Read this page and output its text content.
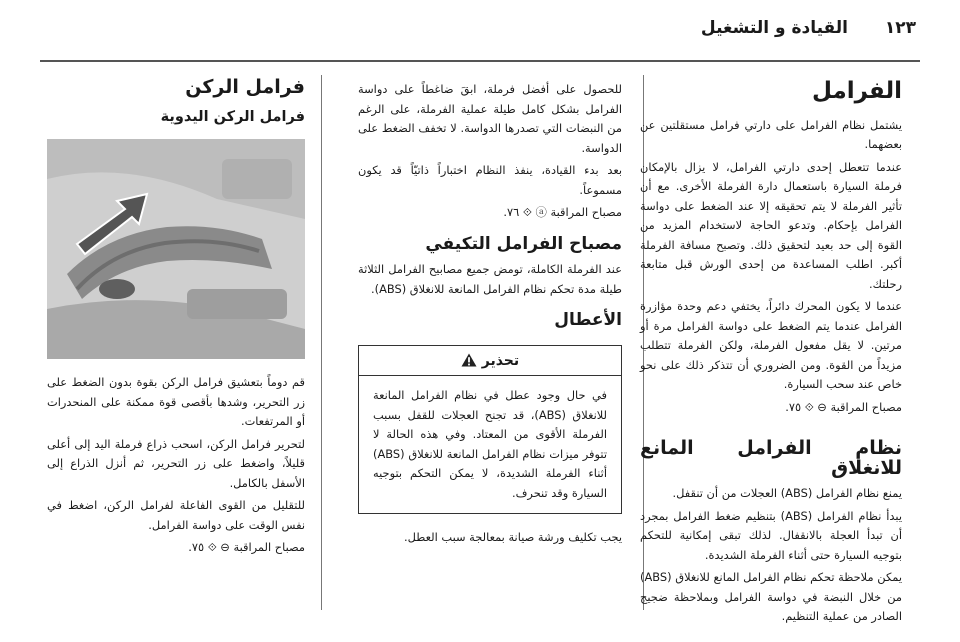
١٢٣
القيادة و التشغيل
الفرامل

يشتمل نظام الفرامل على دارتي فرامل مستقلتين عن بعضهما.

عندما تتعطل إحدى دارتي الفرامل، لا يزال بالإمكان فرملة السيارة باستعمال دارة الفرملة الأخرى. مع أن تأثير الفرملة لا يتم تحقيقه إلا عند الضغط على دواسة الفرامل بإحكام. وتدعو الحاجة لاستخدام المزيد من القوة إلى حد بعيد لتحقيق ذلك. وتصبح مسافة الفرملة أكبر. اطلب المساعدة من إحدى الورش قبل متابعة رحلتك.

عندما لا يكون المحرك دائراً، يختفي دعم وحدة مؤازرة الفرامل عندما يتم الضغط على دواسة الفرامل مرة أو مرتين. لا يقل مفعول الفرملة، ولكن الفرملة تتطلب مزيداً من القوة. ومن الضروري أن تتذكر ذلك على نحو خاص عند سحب السيارة.

مصباح المراقبة ⊖ ⟐ ٧٥.

نظام الفرامل المانع للانغلاق

يمنع نظام الفرامل (ABS) العجلات من أن تنقفل.

يبدأ نظام الفرامل (ABS) بتنظيم ضغط الفرامل بمجرد أن تبدأ العجلة بالانقفال. لذلك تبقى إمكانية للتحكم بتوجيه السيارة حتى أثناء الفرملة الشديدة.

يمكن ملاحظة تحكم نظام الفرامل المانع للانغلاق (ABS) من خلال النبضة في دواسة الفرامل وبملاحظة ضجيج الصادر من عملية التنظيم.

للحصول على أفضل فرملة، ابقَ ضاغطاً على دواسة الفرامل بشكل كامل طيلة عملية الفرملة، على الرغم من النبضات التي تصدرها الدواسة. لا تخفف الضغط على الدواسة.

بعد بدء القيادة، ينفذ النظام اختباراً ذاتيّاً قد يكون مسموعاً.

مصباح المراقبة ⓐ ⟐ ٧٦.

مصباح الفرامل التكيفي

عند الفرملة الكاملة، تومض جميع مصابيح الفرامل الثلاثة طيلة مدة تحكم نظام الفرامل المانعة للانغلاق (ABS).

الأعطال
تحذير
في حال وجود عطل في نظام الفرامل المانعة للانغلاق (ABS)، قد تجنح العجلات للقفل بسبب الفرملة الأقوى من المعتاد. وفي هذه الحالة لا تتوفر ميزات نظام الفرامل المانعة للانغلاق (ABS) أثناء الفرملة الشديدة، لا يمكن التحكم بتوجيه السيارة وقد تنحرف.

يجب تكليف ورشة صيانة بمعالجة سبب العطل.

فرامل الركن
فرامل الركن اليدوية

قم دوماً بتعشيق فرامل الركن بقوة بدون الضغط على زر التحرير، وشدها بأقصى قوة ممكنة على المنحدرات أو المرتفعات.

لتحرير فرامل الركن، اسحب ذراع فرملة اليد إلى أعلى قليلاً، واضغط على زر التحرير، ثم أنزل الذراع إلى الأسفل بالكامل.

للتقليل من القوى الفاعلة لفرامل الركن، اضغط في نفس الوقت على دواسة الفرامل.

مصباح المراقبة ⊖ ⟐ ٧٥.
